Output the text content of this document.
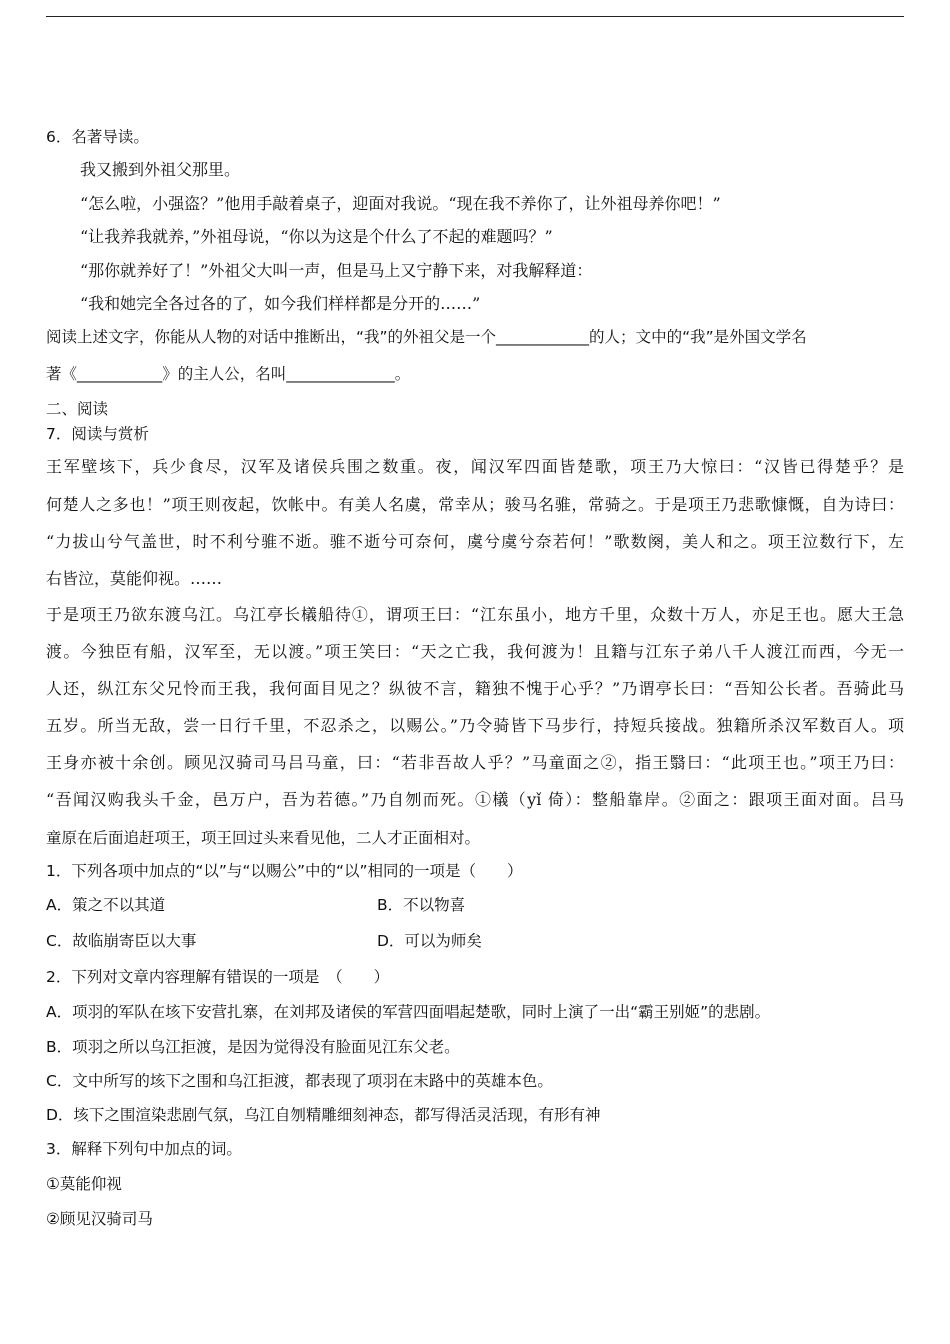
6．名著导读。
我又搬到外祖父那里。
“怎么啦，小强盗？”他用手敲着桌子，迎面对我说。“现在我不养你了，让外祖母养你吧！”
“让我养我就养，”外祖母说，“你以为这是个什么了不起的难题吗？”
“那你就养好了！”外祖父大叫一声，但是马上又宁静下来，对我解释道：
“我和她完全各过各的了，如今我们样样都是分开的……”
阅读上述文字，你能从人物的对话中推断出，“我”的外祖父是一个____________的人；文中的“我”是外国文学名
著《___________》的主人公，名叫______________。
二、阅读
7．阅读与赏析
王军壁垓下，兵少食尽，汉军及诸侯兵围之数重。夜，闻汉军四面皆楚歌，项王乃大惊曰：“汉皆已得楚乎？是
何楚人之多也！”项王则夜起，饮帐中。有美人名虞，常幸从；骏马名骓，常骑之。于是项王乃悲歌慷慨，自为诗曰：
“力拔山兮气盖世，时不利兮骓不逝。骓不逝兮可奈何，虞兮虞兮奈若何！”歌数阕，美人和之。项王泣数行下，左
右皆泣，莫能仰视。……
于是项王乃欲东渡乌江。乌江亭长檥船待①，谓项王曰：“江东虽小，地方千里，众数十万人，亦足王也。愿大王急
渡。今独臣有船，汉军至，无以渡。”项王笑曰：“天之亡我，我何渡为！且籍与江东子弟八千人渡江而西，今无一
人还，纵江东父兄怜而王我，我何面目见之？纵彼不言，籍独不愧于心乎？”乃谓亭长曰：“吾知公长者。吾骑此马
五岁。所当无敌，尝一日行千里，不忍杀之，以赐公。”乃令骑皆下马步行，持短兵接战。独籍所杀汉军数百人。项
王身亦被十余创。顾见汉骑司马吕马童，曰：“若非吾故人乎？”马童面之②，指王翳曰：“此项王也。”项王乃曰：
“吾闻汉购我头千金，邑万户，吾为若德。”乃自刎而死。①檥（yǐ 倚）：整船靠岸。②面之：跟项王面对面。吕马
童原在后面追赶项王，项王回过头来看见他，二人才正面相对。
1．下列各项中加点的“以”与“以赐公”中的“以”相同的一项是（　　）
A．策之不以其道	B．不以物喜
C．故临崩寄臣以大事	D．可以为师矣
2．下列对文章内容理解有错误的一项是　（　　）
A．项羽的军队在垓下安营扎寨，在刘邦及诸侯的军营四面唱起楚歌，同时上演了一出“霸王别姬”的悲剧。
B．项羽之所以乌江拒渡，是因为觉得没有脸面见江东父老。
C．文中所写的垓下之围和乌江拒渡，都表现了项羽在末路中的英雄本色。
D．垓下之围渲染悲剧气氛，乌江自刎精雕细刻神态，都写得活灵活现，有形有神
3．解释下列句中加点的词。
①莫能仰视
②顾见汉骑司马
